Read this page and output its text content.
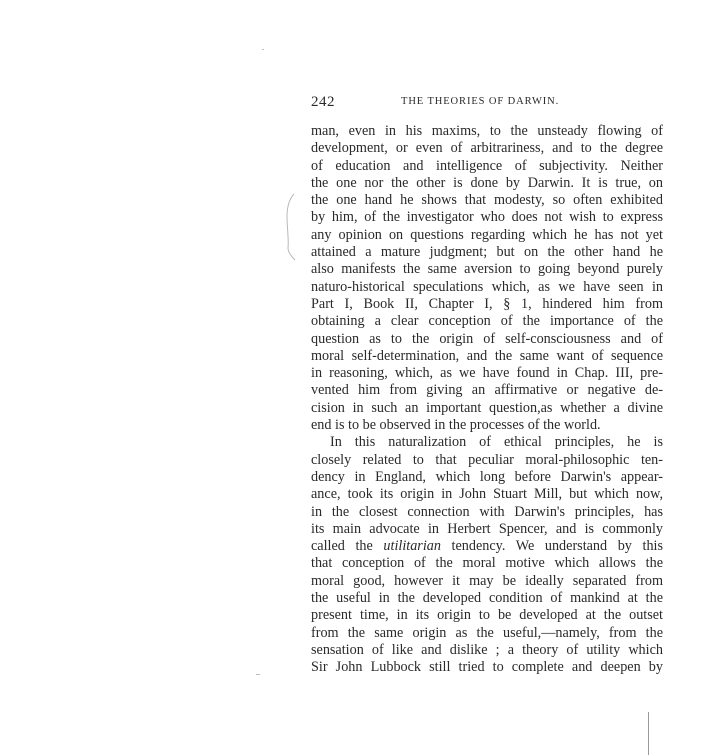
242	THE THEORIES OF DARWIN.
man, even in his maxims, to the unsteady flowing of
development, or even of arbitrariness, and to the degree
of education and intelligence of subjectivity. Neither
the one nor the other is done by Darwin. It is true, on
the one hand he shows that modesty, so often exhibited
by him, of the investigator who does not wish to express
any opinion on questions regarding which he has not yet
attained a mature judgment; but on the other hand he
also manifests the same aversion to going beyond purely
naturo-historical speculations which, as we have seen in
Part I, Book II, Chapter I, § 1, hindered him from
obtaining a clear conception of the importance of the
question as to the origin of self-consciousness and of
moral self-determination, and the same want of sequence
in reasoning, which, as we have found in Chap. III, pre-
vented him from giving an affirmative or negative de-
cision in such an important question,as whether a divine
end is to be observed in the processes of the world.
In this naturalization of ethical principles, he is
closely related to that peculiar moral-philosophic ten-
dency in England, which long before Darwin's appear-
ance, took its origin in John Stuart Mill, but which now,
in the closest connection with Darwin's principles, has
its main advocate in Herbert Spencer, and is commonly
called the utilitarian tendency. We understand by this
that conception of the moral motive which allows the
moral good, however it may be ideally separated from
the useful in the developed condition of mankind at the
present time, in its origin to be developed at the outset
from the same origin as the useful,—namely, from the
sensation of like and dislike ; a theory of utility which
Sir John Lubbock still tried to complete and deepen by
